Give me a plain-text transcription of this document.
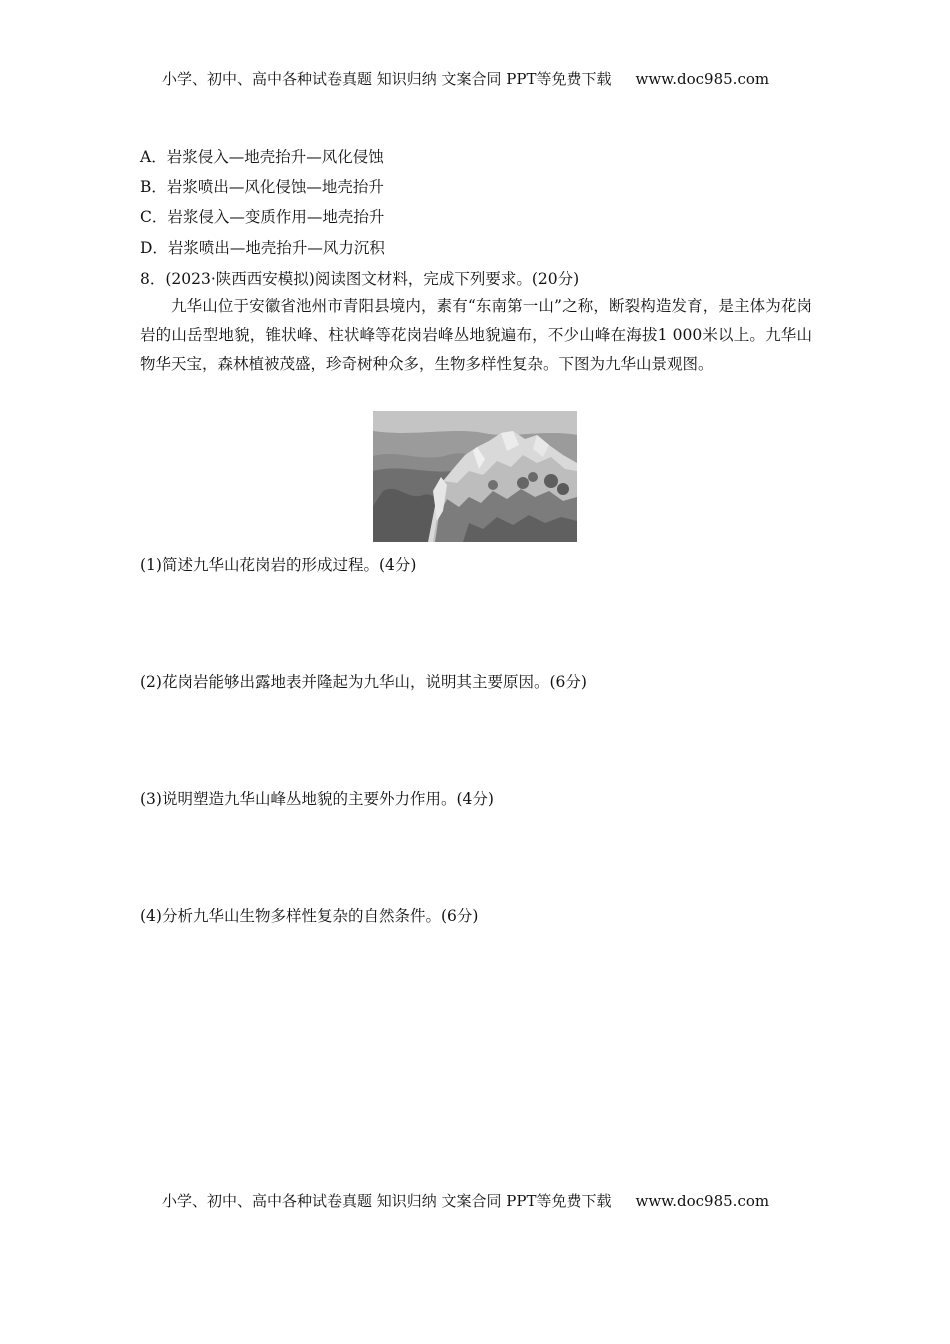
小学、初中、高中各种试卷真题 知识归纳 文案合同 PPT等免费下载 www.doc985.com
A．岩浆侵入—地壳抬升—风化侵蚀
B．岩浆喷出—风化侵蚀—地壳抬升
C．岩浆侵入—变质作用—地壳抬升
D．岩浆喷出—地壳抬升—风力沉积
8．(2023·陕西西安模拟)阅读图文材料，完成下列要求。(20分)
九华山位于安徽省池州市青阳县境内，素有“东南第一山”之称，断裂构造发育，是主体为花岗岩的山岳型地貌，锥状峰、柱状峰等花岗岩峰丛地貌遍布，不少山峰在海拔1 000米以上。九华山物华天宝，森林植被茂盛，珍奇树种众多，生物多样性复杂。下图为九华山景观图。
(1)简述九华山花岗岩的形成过程。(4分)
(2)花岗岩能够出露地表并隆起为九华山，说明其主要原因。(6分)
(3)说明塑造九华山峰丛地貌的主要外力作用。(4分)
(4)分析九华山生物多样性复杂的自然条件。(6分)
小学、初中、高中各种试卷真题 知识归纳 文案合同 PPT等免费下载 www.doc985.com
